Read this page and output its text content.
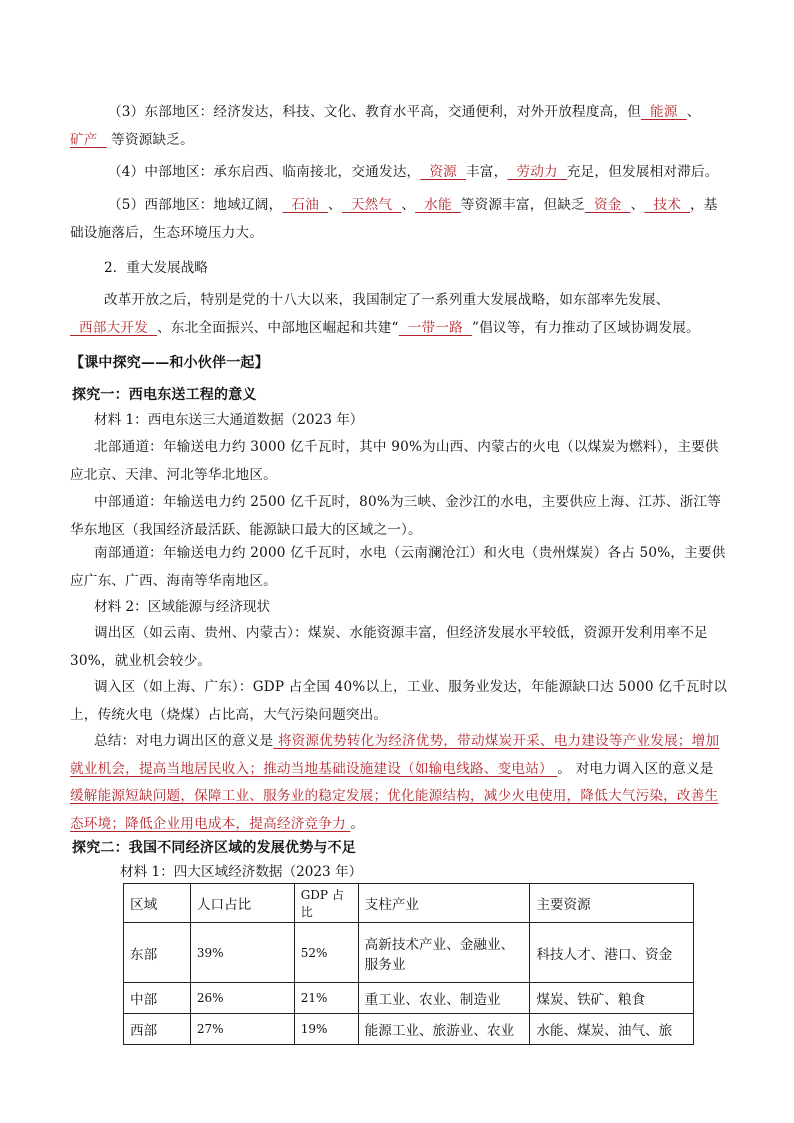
（3）东部地区：经济发达，科技、文化、教育水平高，交通便利，对外开放程度高，但  能源  、矿产   等资源缺乏。
（4）中部地区：承东启西、临南接北，交通发达，  资源  丰富，  劳动力  充足，但发展相对滞后。
（5）西部地区：地域辽阔，  石油  、  天然气  、  水能  等资源丰富，但缺乏  资金  、  技术  ，基础设施落后，生态环境压力大。
2．重大发展战略
改革开放之后，特别是党的十八大以来，我国制定了一系列重大发展战略，如东部率先发展、  西部大开发  、东北全面振兴、中部地区崛起和共建“  一带一路  ”倡议等，有力推动了区域协调发展。
【课中探究——和小伙伴一起】
探究一：西电东送工程的意义
材料 1：西电东送三大通道数据（2023 年）
北部通道：年输送电力约 3000 亿千瓦时，其中 90%为山西、内蒙古的火电（以煤炭为燃料），主要供应北京、天津、河北等华北地区。
中部通道：年输送电力约 2500 亿千瓦时，80%为三峡、金沙江的水电，主要供应上海、江苏、浙江等华东地区（我国经济最活跃、能源缺口最大的区域之一）。
南部通道：年输送电力约 2000 亿千瓦时，水电（云南澜沧江）和火电（贵州煤炭）各占 50%，主要供应广东、广西、海南等华南地区。
材料 2：区域能源与经济现状
调出区（如云南、贵州、内蒙古）：煤炭、水能资源丰富，但经济发展水平较低，资源开发利用率不足 30%，就业机会较少。
调入区（如上海、广东）：GDP 占全国 40%以上，工业、服务业发达，年能源缺口达 5000 亿千瓦时以上，传统火电（烧煤）占比高，大气污染问题突出。
总结：对电力调出区的意义是 将资源优势转化为经济优势，带动煤炭开采、电力建设等产业发展；增加就业机会，提高当地居民收入；推动当地基础设施建设（如输电线路、变电站） 。 对电力调入区的意义是 缓解能源短缺问题，保障工业、服务业的稳定发展；优化能源结构，减少火电使用，降低大气污染，改善生态环境；降低企业用电成本，提高经济竞争力 。
探究二：我国不同经济区域的发展优势与不足
材料 1：四大区域经济数据（2023 年）
区域	人口占比	GDP 占比	支柱产业	主要资源
东部	39%	52%	高新技术产业、金融业、服务业	科技人才、港口、资金
中部	26%	21%	重工业、农业、制造业	煤炭、铁矿、粮食
西部	27%	19%	能源工业、旅游业、农业	水能、煤炭、油气、旅
